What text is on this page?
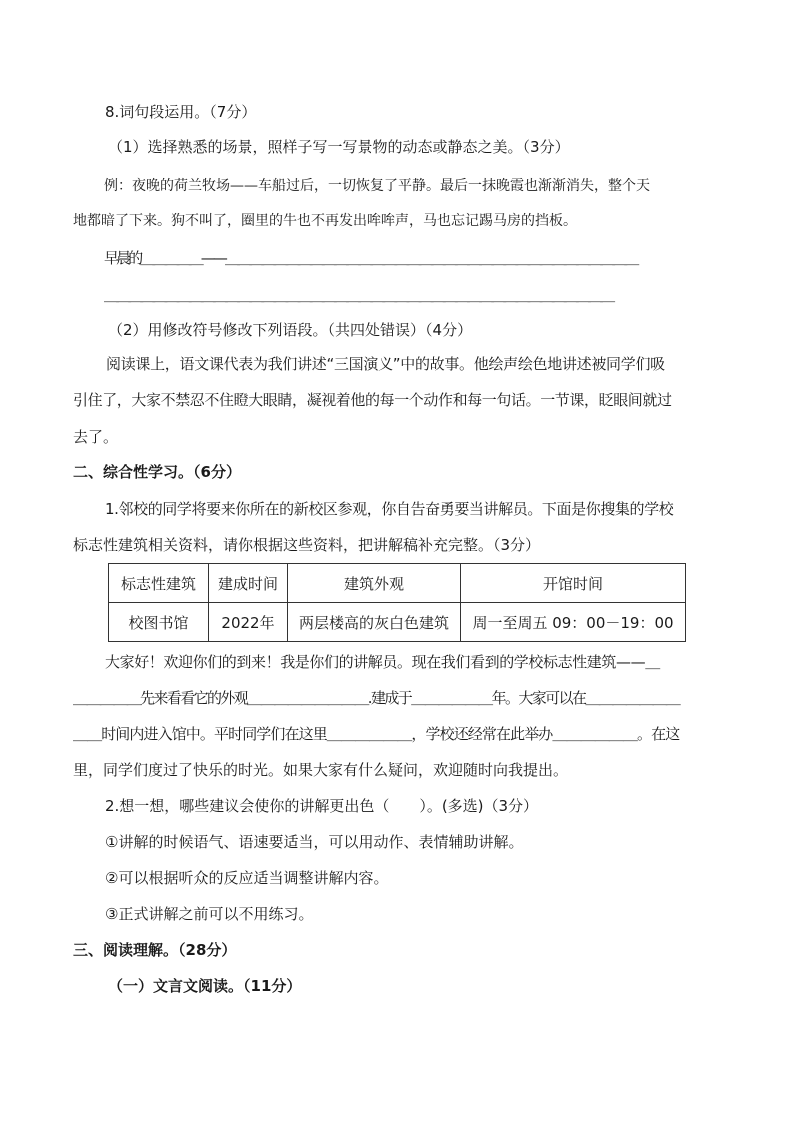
8.词句段运用。（7分）
（1）选择熟悉的场景，照样子写一写景物的动态或静态之美。（3分）
例：夜晚的荷兰牧场——车船过后，一切恢复了平静。最后一抹晚霞也渐渐消失，整个天
地都暗了下来。狗不叫了，圈里的牛也不再发出哞哞声，马也忘记踢马房的挡板。
早晨的＿＿＿＿＿——＿＿＿＿＿＿＿＿＿＿＿＿＿＿＿＿＿＿＿＿＿＿＿＿＿＿＿＿＿＿＿＿＿＿
＿＿＿＿＿＿＿＿＿＿＿＿＿＿＿＿＿＿＿＿＿＿＿＿＿＿＿＿＿＿＿＿＿＿＿＿＿＿＿＿＿＿
（2）用修改符号修改下列语段。（共四处错误）（4分）
阅读课上，语文课代表为我们讲述“三国演义”中的故事。他绘声绘色地讲述被同学们吸
引住了，大家不禁忍不住瞪大眼睛，凝视着他的每一个动作和每一句话。一节课，眨眼间就过
去了。
二、综合性学习。（6分）
1.邻校的同学将要来你所在的新校区参观，你自告奋勇要当讲解员。下面是你搜集的学校
标志性建筑相关资料，请你根据这些资料，把讲解稿补充完整。（3分）
标志性建筑	建成时间	建筑外观	开馆时间
校图书馆	2022年	两层楼高的灰白色建筑	周一至周五 09：00－19：00
大家好！欢迎你们的到来！我是你们的讲解员。现在我们看到的学校标志性建筑——＿
＿＿＿＿＿先来看看它的外观＿＿＿＿＿＿＿＿＿.建成于＿＿＿＿＿＿年。大家可以在＿＿＿＿＿＿＿
＿＿时间内进入馆中。平时同学们在这里＿＿＿＿＿＿，学校还经常在此举办＿＿＿＿＿＿。在这
里，同学们度过了快乐的时光。如果大家有什么疑问，欢迎随时向我提出。
2.想一想，哪些建议会使你的讲解更出色（　　）。(多选)（3分）
①讲解的时候语气、语速要适当，可以用动作、表情辅助讲解。
②可以根据听众的反应适当调整讲解内容。
③正式讲解之前可以不用练习。
三、阅读理解。（28分）
（一）文言文阅读。（11分）
